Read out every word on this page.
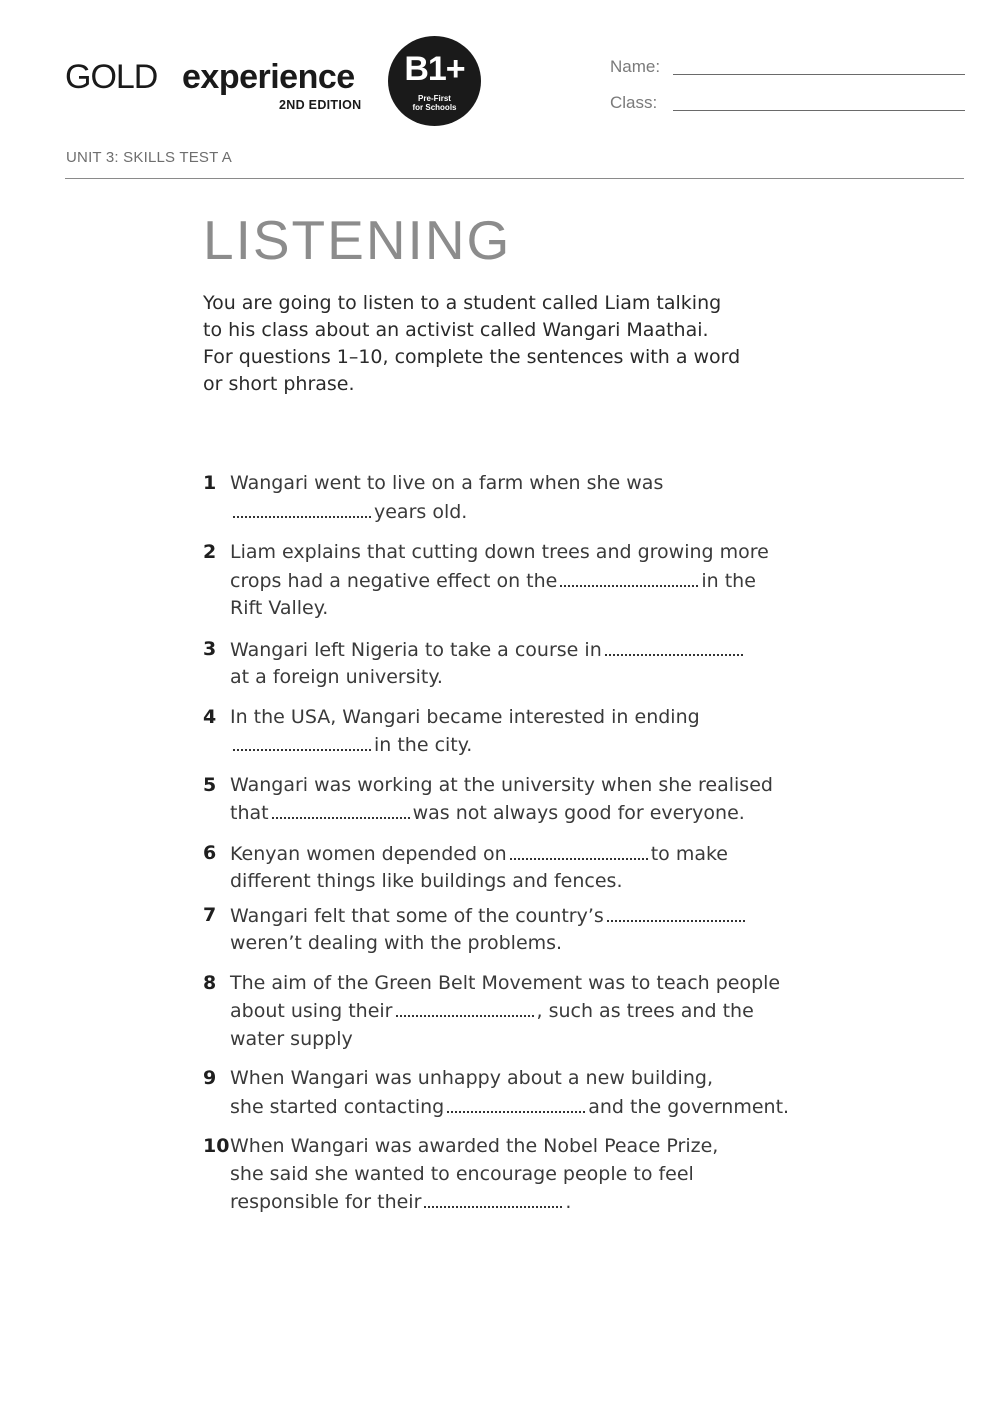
GOLD experience
2ND EDITION
B1+
Pre-First
for Schools
Name:
Class:
UNIT 3: SKILLS TEST A
LISTENING
You are going to listen to a student called Liam talking
to his class about an activist called Wangari Maathai.
For questions 1–10, complete the sentences with a word
or short phrase.
1 Wangari went to live on a farm when she was
years old.
2 Liam explains that cutting down trees and growing more
crops had a negative effect on the	in the
Rift Valley.
3 Wangari left Nigeria to take a course in
at a foreign university.
4 In the USA, Wangari became interested in ending
in the city.
5 Wangari was working at the university when she realised
that	was not always good for everyone.
6 Kenyan women depended on	to make
different things like buildings and fences.
7 Wangari felt that some of the country’s
weren’t dealing with the problems.
8 The aim of the Green Belt Movement was to teach people
about using their	, such as trees and the
water supply
9 When Wangari was unhappy about a new building,
she started contacting	and the government.
10 When Wangari was awarded the Nobel Peace Prize,
she said she wanted to encourage people to feel
responsible for their	.
